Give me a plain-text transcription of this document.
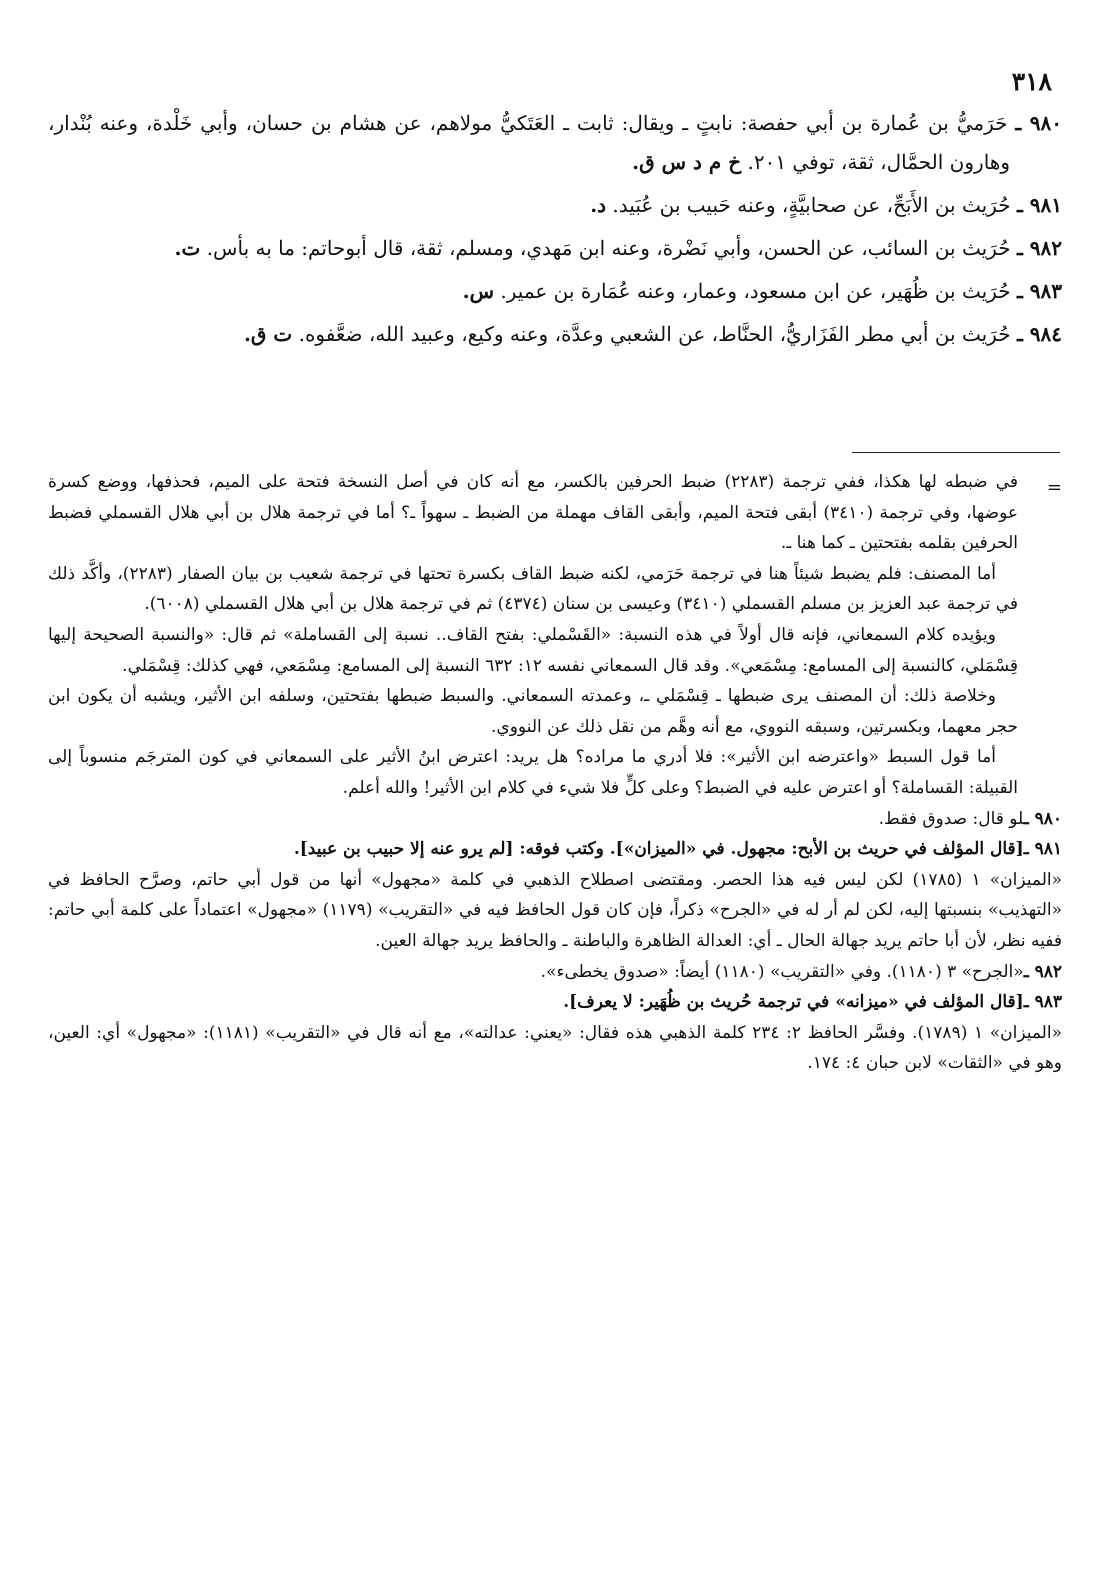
٣١٨

٩٨٠ ـ حَرَميُّ بن عُمارة بن أبي حفصة: نابتٍ ـ ويقال: ثابت ـ العَتَكيُّ مولاهم، عن هشام بن حسان، وأبي خَلْدة، وعنه بُنْدار، وهارون الحمَّال، ثقة، توفي ٢٠١. خ م د س ق.

٩٨١ ـ حُرَيث بن الأَبَحِّ، عن صحابيَّةٍ، وعنه حَبيب بن عُبَيد. د.

٩٨٢ ـ حُرَيث بن السائب، عن الحسن، وأبي نَضْرة، وعنه ابن مَهدي، ومسلم، ثقة، قال أبوحاتم: ما به بأس. ت.

٩٨٣ ـ حُرَيث بن ظُهَير، عن ابن مسعود، وعمار، وعنه عُمَارة بن عمير. س.

٩٨٤ ـ حُرَيث بن أبي مطر الفَزَاريُّ، الحنَّاط، عن الشعبي وعدَّة، وعنه وكيع، وعبيد الله، ضعَّفوه. ت ق.

=

في ضبطه لها هكذا، ففي ترجمة (٢٢٨٣) ضبط الحرفين بالكسر، مع أنه كان في أصل النسخة فتحة على الميم، فحذفها، ووضع كسرة عوضها، وفي ترجمة (٣٤١٠) أبقى فتحة الميم، وأبقى القاف مهملة من الضبط ـ سهواً ـ؟ أما في ترجمة هلال بن أبي هلال القسملي فضبط الحرفين بقلمه بفتحتين ـ كما هنا ـ.

أما المصنف: فلم يضبط شيئاً هنا في ترجمة حَرَمي، لكنه ضبط القاف بكسرة تحتها في ترجمة شعيب بن بيان الصفار (٢٢٨٣)، وأكَّد ذلك في ترجمة عبد العزيز بن مسلم القسملي (٣٤١٠) وعيسى بن سنان (٤٣٧٤) ثم في ترجمة هلال بن أبي هلال القسملي (٦٠٠٨).

ويؤيده كلام السمعاني، فإنه قال أولاً في هذه النسبة: «القَسْملي: بفتح القاف.. نسبة إلى القساملة» ثم قال: «والنسبة الصحيحة إليها قِسْمَلي، كالنسبة إلى المسامع: مِسْمَعي». وقد قال السمعاني نفسه ١٢: ٦٣٢ النسبة إلى المسامع: مِسْمَعي، فهي كذلك: قِسْمَلي.

وخلاصة ذلك: أن المصنف يرى ضبطها ـ قِسْمَلي ـ، وعمدته السمعاني. والسبط ضبطها بفتحتين، وسلفه ابن الأثير، ويشبه أن يكون ابن حجر معهما، وبكسرتين، وسبقه النووي، مع أنه وهَّم من نقل ذلك عن النووي.

أما قول السبط «واعترضه ابن الأثير»: فلا أدري ما مراده؟ هل يريد: اعترض ابنُ الأثير على السمعاني في كون المترجَم منسوباً إلى القبيلة: القساملة؟ أو اعترض عليه في الضبط؟ وعلى كلٍّ فلا شيء في كلام ابن الأثير! والله أعلم.

٩٨٠ ـلو قال: صدوق فقط.

٩٨١ ـ[قال المؤلف في حريث بن الأبح: مجهول. في «الميزان»]. وكتب فوقه: [لم يرو عنه إلا حبيب بن عبيد].

«الميزان» ١ (١٧٨٥) لكن ليس فيه هذا الحصر. ومقتضى اصطلاح الذهبي في كلمة «مجهول» أنها من قول أبي حاتم، وصرَّح الحافظ في «التهذيب» بنسبتها إليه، لكن لم أر له في «الجرح» ذكراً، فإن كان قول الحافظ فيه في «التقريب» (١١٧٩) «مجهول» اعتماداً على كلمة أبي حاتم: ففيه نظر، لأن أبا حاتم يريد جهالة الحال ـ أي: العدالة الظاهرة والباطنة ـ والحافظ يريد جهالة العين.

٩٨٢ ـ«الجرح» ٣ (١١٨٠). وفي «التقريب» (١١٨٠) أيضاً: «صدوق يخطىء».

٩٨٣ ـ[قال المؤلف في «ميزانه» في ترجمة حُريث بن ظُهَير: لا يعرف].

«الميزان» ١ (١٧٨٩). وفسَّر الحافظ ٢: ٢٣٤ كلمة الذهبي هذه فقال: «يعني: عدالته»، مع أنه قال في «التقريب» (١١٨١): «مجهول» أي: العين، وهو في «الثقات» لابن حبان ٤: ١٧٤.
